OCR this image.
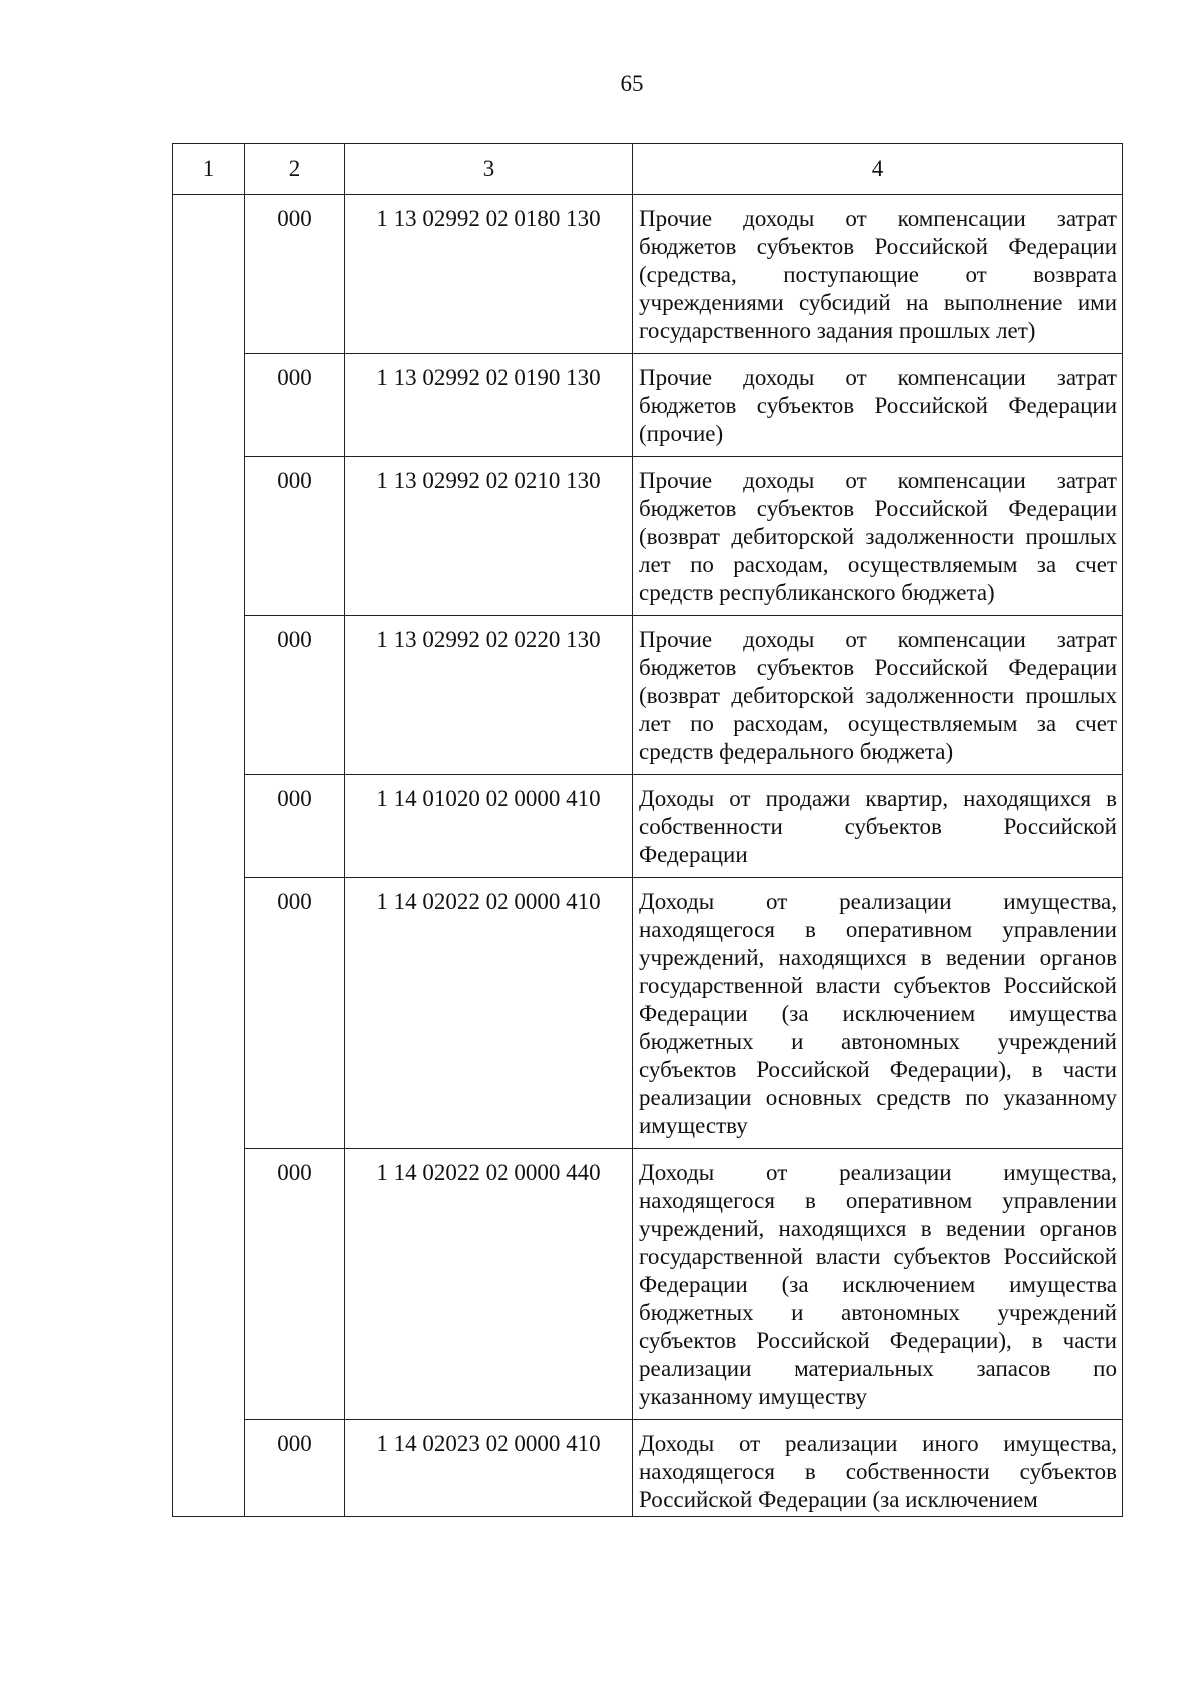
65
1	2	3	4
	000	1 13 02992 02 0180 130	Прочие доходы от компенсации затрат бюджетов субъектов Российской Федерации (средства, поступающие от возврата учреждениями субсидий на выполнение ими государственного задания прошлых лет)
	000	1 13 02992 02 0190 130	Прочие доходы от компенсации затрат бюджетов субъектов Российской Федерации (прочие)
	000	1 13 02992 02 0210 130	Прочие доходы от компенсации затрат бюджетов субъектов Российской Федерации (возврат дебиторской задолженности прошлых лет по расходам, осуществляемым за счет средств республиканского бюджета)
	000	1 13 02992 02 0220 130	Прочие доходы от компенсации затрат бюджетов субъектов Российской Федерации (возврат дебиторской задолженности прошлых лет по расходам, осуществляемым за счет средств федерального бюджета)
	000	1 14 01020 02 0000 410	Доходы от продажи квартир, находящихся в собственности субъектов Российской Федерации
	000	1 14 02022 02 0000 410	Доходы от реализации имущества, находящегося в оперативном управлении учреждений, находящихся в ведении органов государственной власти субъектов Российской Федерации (за исключением имущества бюджетных и автономных учреждений субъектов Российской Федерации), в части реализации основных средств по указанному имуществу
	000	1 14 02022 02 0000 440	Доходы от реализации имущества, находящегося в оперативном управлении учреждений, находящихся в ведении органов государственной власти субъектов Российской Федерации (за исключением имущества бюджетных и автономных учреждений субъектов Российской Федерации), в части реализации материальных запасов по указанному имуществу
	000	1 14 02023 02 0000 410	Доходы от реализации иного имущества, находящегося в собственности субъектов Российской Федерации (за исключением
